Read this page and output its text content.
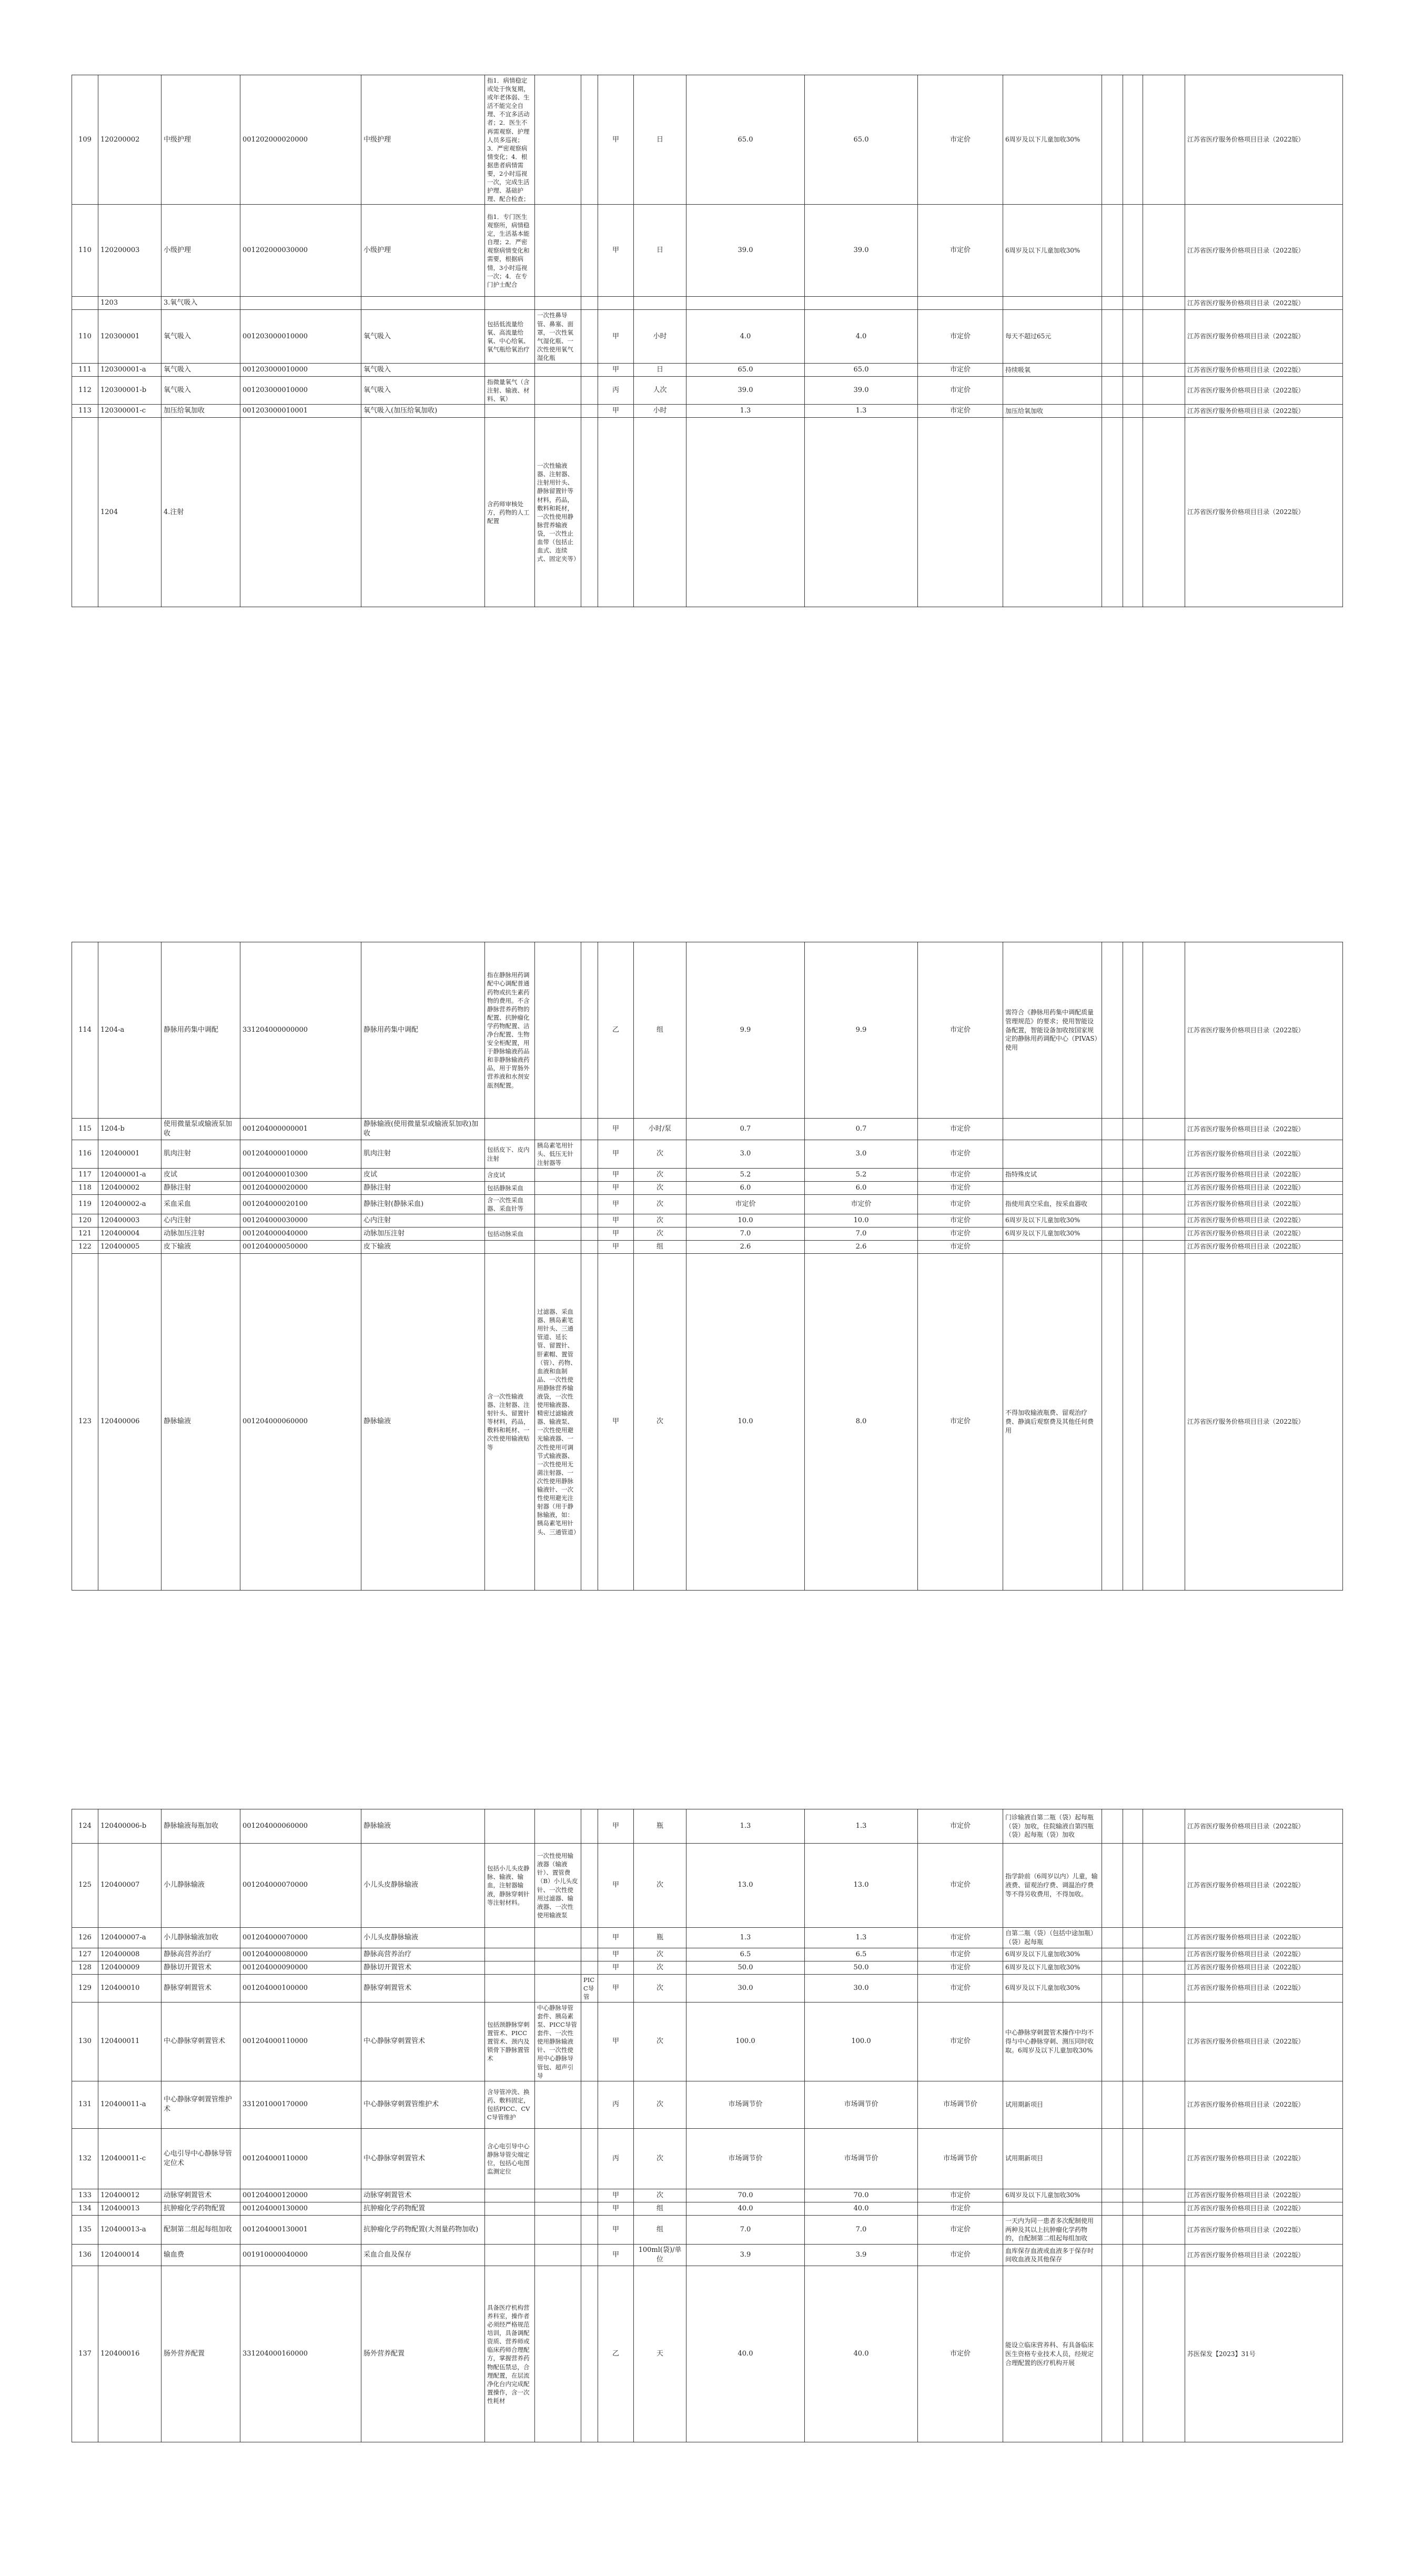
109	120200002	中级护理	001202000020000	中级护理	指1．病情稳定或处于恢复期，或年老体弱、生活不能完全自理、不宜多活动者；2．医生不再需观察、护理人员多巡视；3．严密观察病情变化；4．根据患者病情需要，2小时巡视一次，完成生活护理、基础护理、配合检查；			甲	日	65.0	65.0	市定价	6周岁及以下儿童加收30%				江苏省医疗服务价格项目目录（2022版）
110	120200003	小级护理	001202000030000	小级护理	指1．专门医生观察所，病情稳定，生活基本能自理；2．严密观察病情变化和需要，根据病情，3小时巡视一次；4．在专门护士配合			甲	日	39.0	39.0	市定价	6周岁及以下儿童加收30%				江苏省医疗服务价格项目目录（2022版）
	1203	3.氧气吸入															江苏省医疗服务价格项目目录（2022版）
110	120300001	氧气吸入	001203000010000	氧气吸入	包括低流量给氧、高流量给氧、中心给氧、氧气瓶给氧治疗	一次性鼻导管、鼻塞、面罩，一次性氧气湿化瓶、一次性使用氧气湿化瓶		甲	小时	4.0	4.0	市定价	每天不超过65元				江苏省医疗服务价格项目目录（2022版）
111	120300001-a	氧气吸入	001203000010000	氧气吸入				甲	日	65.0	65.0	市定价	持续吸氧				江苏省医疗服务价格项目目录（2022版）
112	120300001-b	氧气吸入	001203000010000	氧气吸入	指微量氧气（含注射、输液、材料、氧）			丙	人次	39.0	39.0	市定价					江苏省医疗服务价格项目目录（2022版）
113	120300001-c	加压给氧加收	001203000010001	氧气吸入(加压给氧加收)				甲	小时	1.3	1.3	市定价	加压给氧加收				江苏省医疗服务价格项目目录（2022版）
	1204	4.注射			含药师审核处方，药物的人工配置	一次性输液器、注射器、注射用针头、静脉留置针等材料，药品，敷料和耗材，一次性使用静脉营养输液袋，一次性止血带（包括止血式、连续式、固定夹等）											江苏省医疗服务价格项目目录（2022版）
114	1204-a	静脉用药集中调配	331204000000000	静脉用药集中调配	指在静脉用药调配中心调配普通药物或抗生素药物的费用。不含静脉营养药物的配置、抗肿瘤化学药物配置、洁净台配置、生物安全柜配置，用于静脉输液药品和非静脉输液药品，用于胃肠外营养液和水剂安瓿剂配置。			乙	组	9.9	9.9	市定价	需符合《静脉用药集中调配质量管理规范》的要求；使用智能设备配置，智能设备加收按国家规定的静脉用药调配中心（PIVAS）使用				江苏省医疗服务价格项目目录（2022版）
115	1204-b	使用微量泵或输液泵加收	001204000000001	静脉输液(使用微量泵或输液泵加收)加收				甲	小时/泵	0.7	0.7	市定价					江苏省医疗服务价格项目目录（2022版）
116	120400001	肌肉注射	001204000010000	肌肉注射	包括皮下、皮内注射	胰岛素笔用针头、低压无针注射器等		甲	次	3.0	3.0	市定价					江苏省医疗服务价格项目目录（2022版）
117	120400001-a	皮试	001204000010300	皮试	含皮试			甲	次	5.2	5.2	市定价	指特殊皮试				江苏省医疗服务价格项目目录（2022版）
118	120400002	静脉注射	001204000020000	静脉注射	包括静脉采血			甲	次	6.0	6.0	市定价					江苏省医疗服务价格项目目录（2022版）
119	120400002-a	采血采血	001204000020100	静脉注射(静脉采血)	含一次性采血器、采血针等			甲	次	市定价	市定价	市定价	指使用真空采血，按采血器收				江苏省医疗服务价格项目目录（2022版）
120	120400003	心内注射	001204000030000	心内注射				甲	次	10.0	10.0	市定价	6周岁及以下儿童加收30%				江苏省医疗服务价格项目目录（2022版）
121	120400004	动脉加压注射	001204000040000	动脉加压注射	包括动脉采血			甲	次	7.0	7.0	市定价	6周岁及以下儿童加收30%				江苏省医疗服务价格项目目录（2022版）
122	120400005	皮下输液	001204000050000	皮下输液				甲	组	2.6	2.6	市定价					江苏省医疗服务价格项目目录（2022版）
123	120400006	静脉输液	001204000060000	静脉输液	含一次性输液器、注射器、注射针头、留置针等材料，药品，敷料和耗材、一次性使用输液贴等	过滤器、采血器、胰岛素笔用针头、三通管道、延长管、留置针、肝素帽、置管（管）、药物、血液和血制品、一次性使用静脉营养输液袋，一次性使用输液器、精密过滤输液器、输液泵、一次性使用避光输液器、一次性使用可调节式输液器、一次性使用无菌注射器、一次性使用静脉输液针、一次性使用避光注射器（用于静脉输液，如：胰岛素笔用针头、三通管道）		甲	次	10.0	8.0	市定价	不得加收输液瓶费、留观治疗费、静滴后观察费及其他任何费用				江苏省医疗服务价格项目目录（2022版）
124	120400006-b	静脉输液每瓶加收	001204000060000	静脉输液				甲	瓶	1.3	1.3	市定价	门诊输液自第二瓶（袋）起每瓶（袋）加收，住院输液自第四瓶（袋）起每瓶（袋）加收				江苏省医疗服务价格项目目录（2022版）
125	120400007	小儿静脉输液	001204000070000	小儿头皮静脉输液	包括小儿头皮静脉、输液、输血，注射器输液，静脉穿刺针等注射材料。	一次性使用输液器（输液针）、置管费（B）小儿头皮针、一次性使用过滤器、输液器、一次性使用输液泵		甲	次	13.0	13.0	市定价	指学龄前（6周岁以内）儿童，输液费、留观治疗费、调温治疗费等不得另收费用，不得加收。				江苏省医疗服务价格项目目录（2022版）
126	120400007-a	小儿静脉输液加收	001204000070000	小儿头皮静脉输液				甲	瓶	1.3	1.3	市定价	自第二瓶（袋）（包括中途加瓶）（袋）起每瓶				江苏省医疗服务价格项目目录（2022版）
127	120400008	静脉高营养治疗	001204000080000	静脉高营养治疗				甲	次	6.5	6.5	市定价	6周岁及以下儿童加收30%				江苏省医疗服务价格项目目录（2022版）
128	120400009	静脉切开置管术	001204000090000	静脉切开置管术				甲	次	50.0	50.0	市定价	6周岁及以下儿童加收30%				江苏省医疗服务价格项目目录（2022版）
129	120400010	静脉穿刺置管术	001204000100000	静脉穿刺置管术			PICC导管	甲	次	30.0	30.0	市定价	6周岁及以下儿童加收30%				江苏省医疗服务价格项目目录（2022版）
130	120400011	中心静脉穿刺置管术	001204000110000	中心静脉穿刺置管术	包括颈静脉穿刺置管术、PICC置管术、颈内及锁骨下静脉置管术	中心静脉导管套件、胰岛素泵、PICC导管套件、一次性使用静脉输液针、一次性使用中心静脉导管包、超声引导		甲	次	100.0	100.0	市定价	中心静脉穿刺置管术操作中均不得与中心静脉穿刺、测压同时收取。6周岁及以下儿童加收30%				江苏省医疗服务价格项目目录（2022版）
131	120400011-a	中心静脉穿刺置管维护术	331201000170000	中心静脉穿刺置管维护术	含导管冲洗、换药、敷料固定，包括PICC、CVC导管维护			丙	次	市场调节价	市场调节价	市场调节价	试用期新项目				江苏省医疗服务价格项目目录（2022版）
132	120400011-c	心电引导中心静脉导管定位术	001204000110000	中心静脉穿刺置管术	含心电引导中心静脉导管尖端定位，包括心电图监测定位			丙	次	市场调节价	市场调节价	市场调节价	试用期新项目				江苏省医疗服务价格项目目录（2022版）
133	120400012	动脉穿刺置管术	001204000120000	动脉穿刺置管术				甲	次	70.0	70.0	市定价	6周岁及以下儿童加收30%				江苏省医疗服务价格项目目录（2022版）
134	120400013	抗肿瘤化学药物配置	001204000130000	抗肿瘤化学药物配置				甲	组	40.0	40.0	市定价					江苏省医疗服务价格项目目录（2022版）
135	120400013-a	配制第二组起每组加收	001204000130001	抗肿瘤化学药物配置(大剂量药物加收)				甲	组	7.0	7.0	市定价	一天内为同一患者多次配制使用两种及其以上抗肿瘤化学药物的，自配制第二组起每组加收				江苏省医疗服务价格项目目录（2022版）
136	120400014	输血费	001910000040000	采血合血及保存				甲	100ml(袋)/单位	3.9	3.9	市定价	血库保存血液或血液多于保存时间收血液及其他保存				江苏省医疗服务价格项目目录（2022版）
137	120400016	肠外营养配置	331204000160000	肠外营养配置	具备医疗机构营养科室，操作者必须经严格规范培训，具备调配资质、营养师或临床药师合理配方，掌握营养药物配伍禁忌，合理配置，在层流净化台内完成配置操作，含一次性耗材			乙	天	40.0	40.0	市定价	能设立临床营养科、有具备临床医生资格专业技术人员，经规定合理配置的医疗机构开展				苏医保发【2023】31号
